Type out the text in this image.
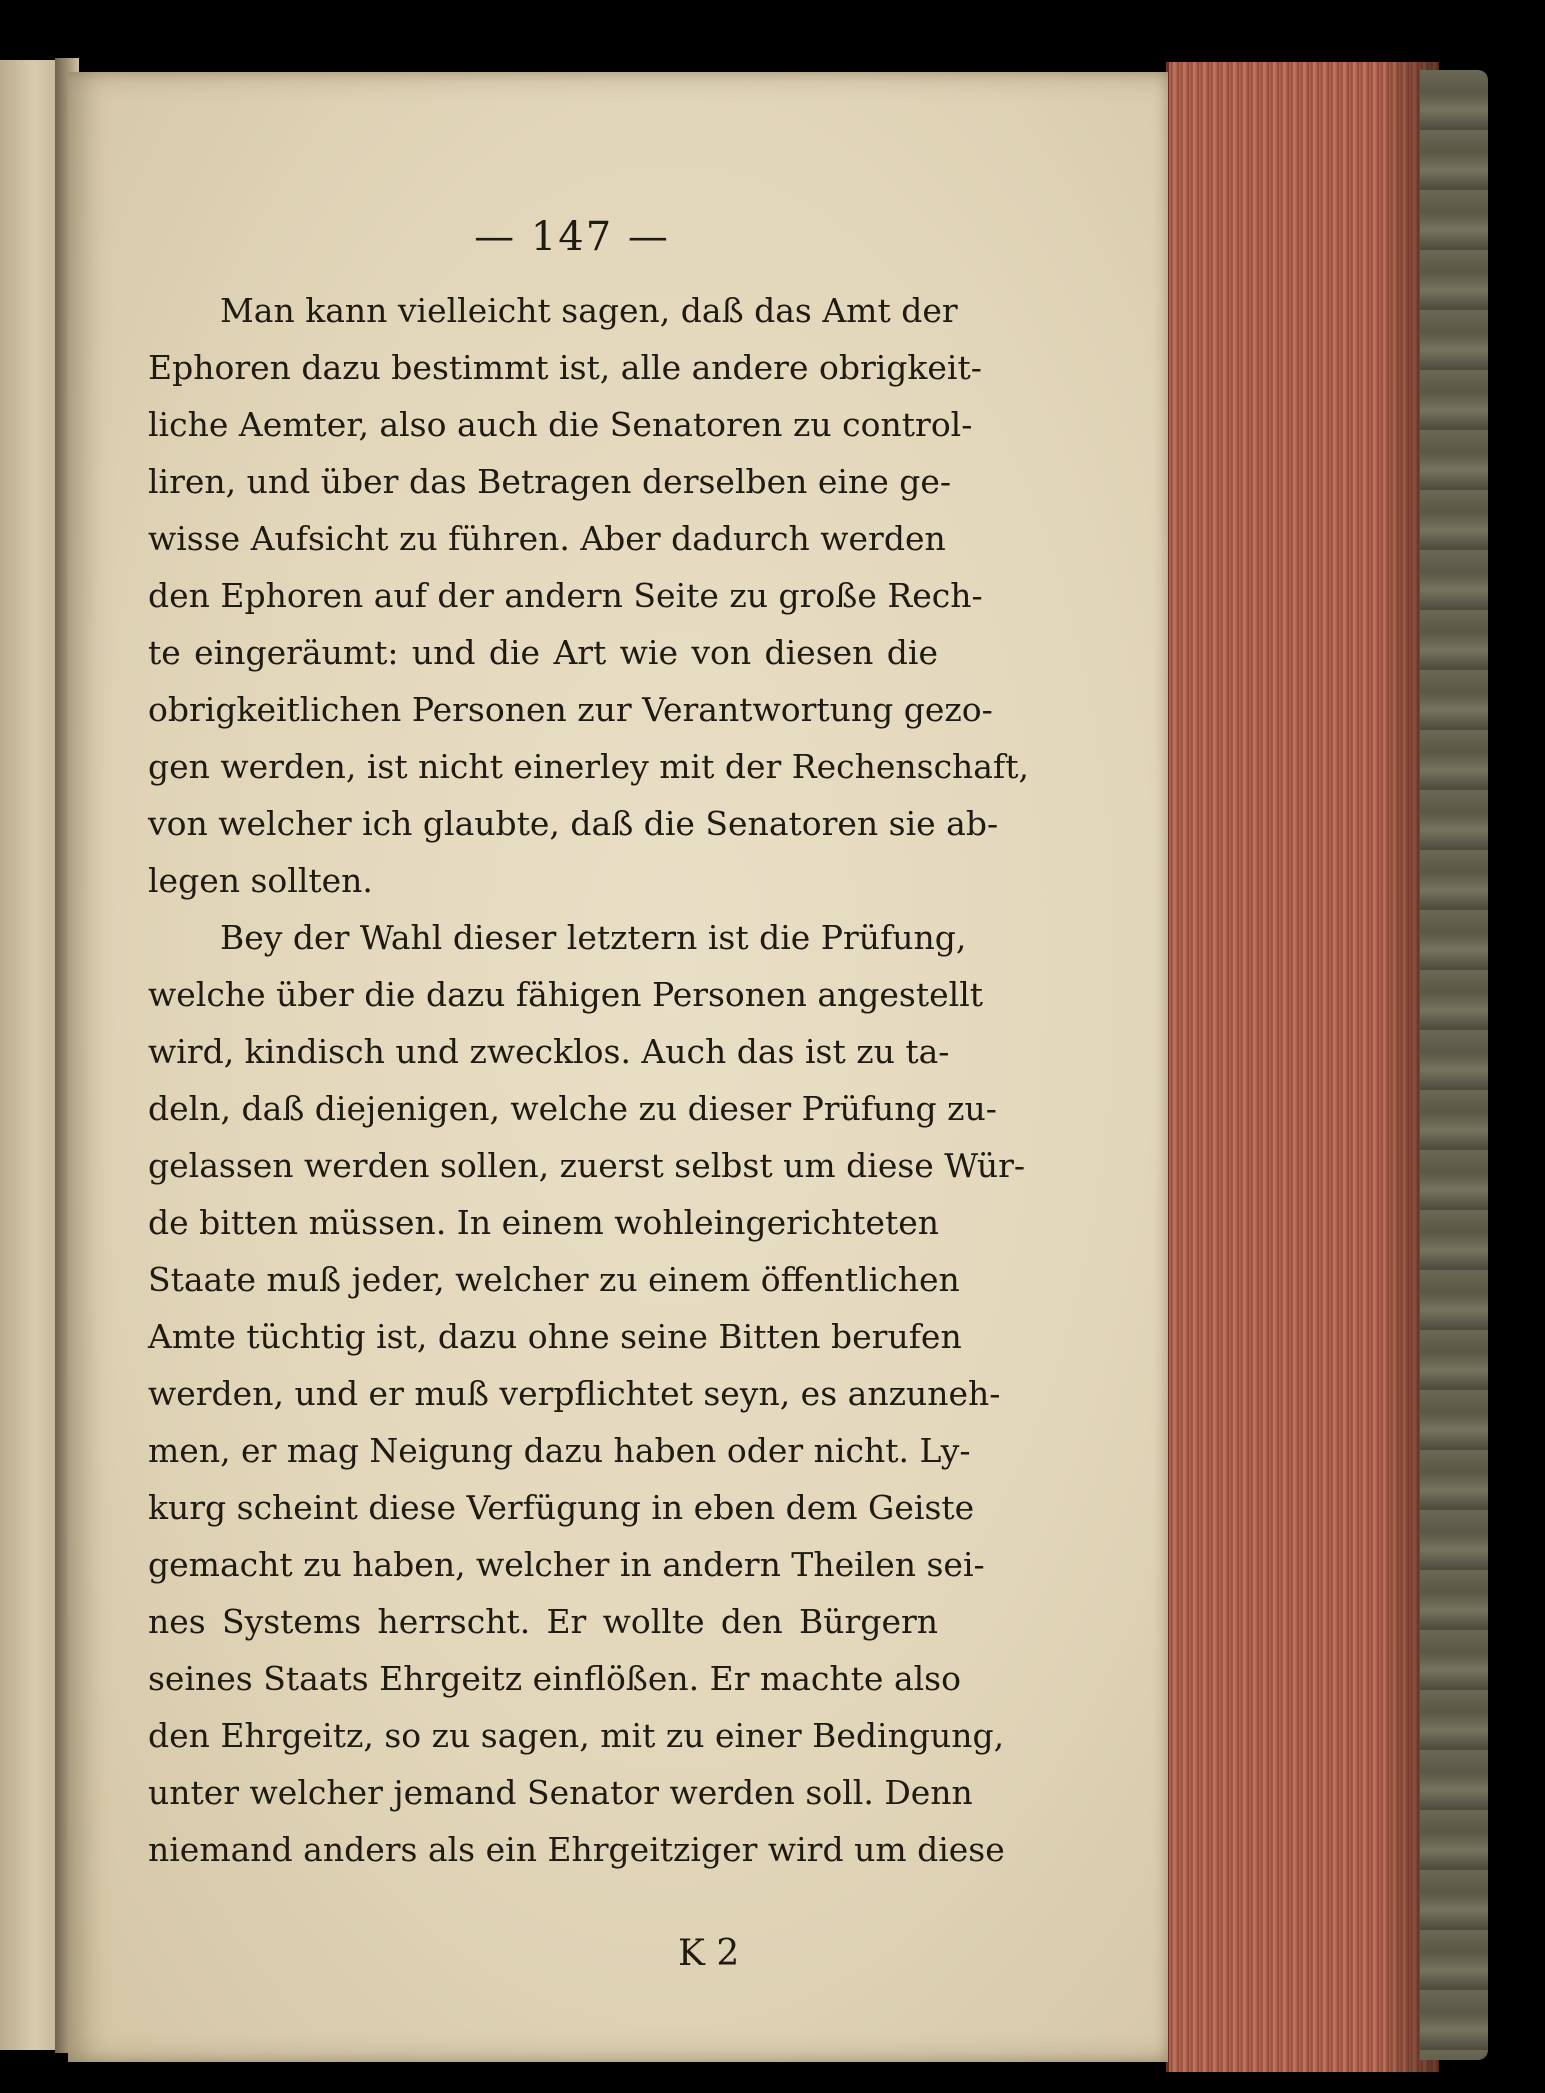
— 147 —
Man kann vielleicht sagen, daß das Amt der
Ephoren dazu bestimmt ist, alle andere obrigkeit-
liche Aemter, also auch die Senatoren zu control-
liren, und über das Betragen derselben eine ge-
wisse Aufsicht zu führen. Aber dadurch werden
den Ephoren auf der andern Seite zu große Rech-
te eingeräumt: und die Art wie von diesen die
obrigkeitlichen Personen zur Verantwortung gezo-
gen werden, ist nicht einerley mit der Rechenschaft,
von welcher ich glaubte, daß die Senatoren sie ab-
legen sollten.
Bey der Wahl dieser letztern ist die Prüfung,
welche über die dazu fähigen Personen angestellt
wird, kindisch und zwecklos. Auch das ist zu ta-
deln, daß diejenigen, welche zu dieser Prüfung zu-
gelassen werden sollen, zuerst selbst um diese Wür-
de bitten müssen. In einem wohleingerichteten
Staate muß jeder, welcher zu einem öffentlichen
Amte tüchtig ist, dazu ohne seine Bitten berufen
werden, und er muß verpflichtet seyn, es anzuneh-
men, er mag Neigung dazu haben oder nicht. Ly-
kurg scheint diese Verfügung in eben dem Geiste
gemacht zu haben, welcher in andern Theilen sei-
nes Systems herrscht. Er wollte den Bürgern
seines Staats Ehrgeitz einflößen. Er machte also
den Ehrgeitz, so zu sagen, mit zu einer Bedingung,
unter welcher jemand Senator werden soll. Denn
niemand anders als ein Ehrgeitziger wird um diese
K 2
